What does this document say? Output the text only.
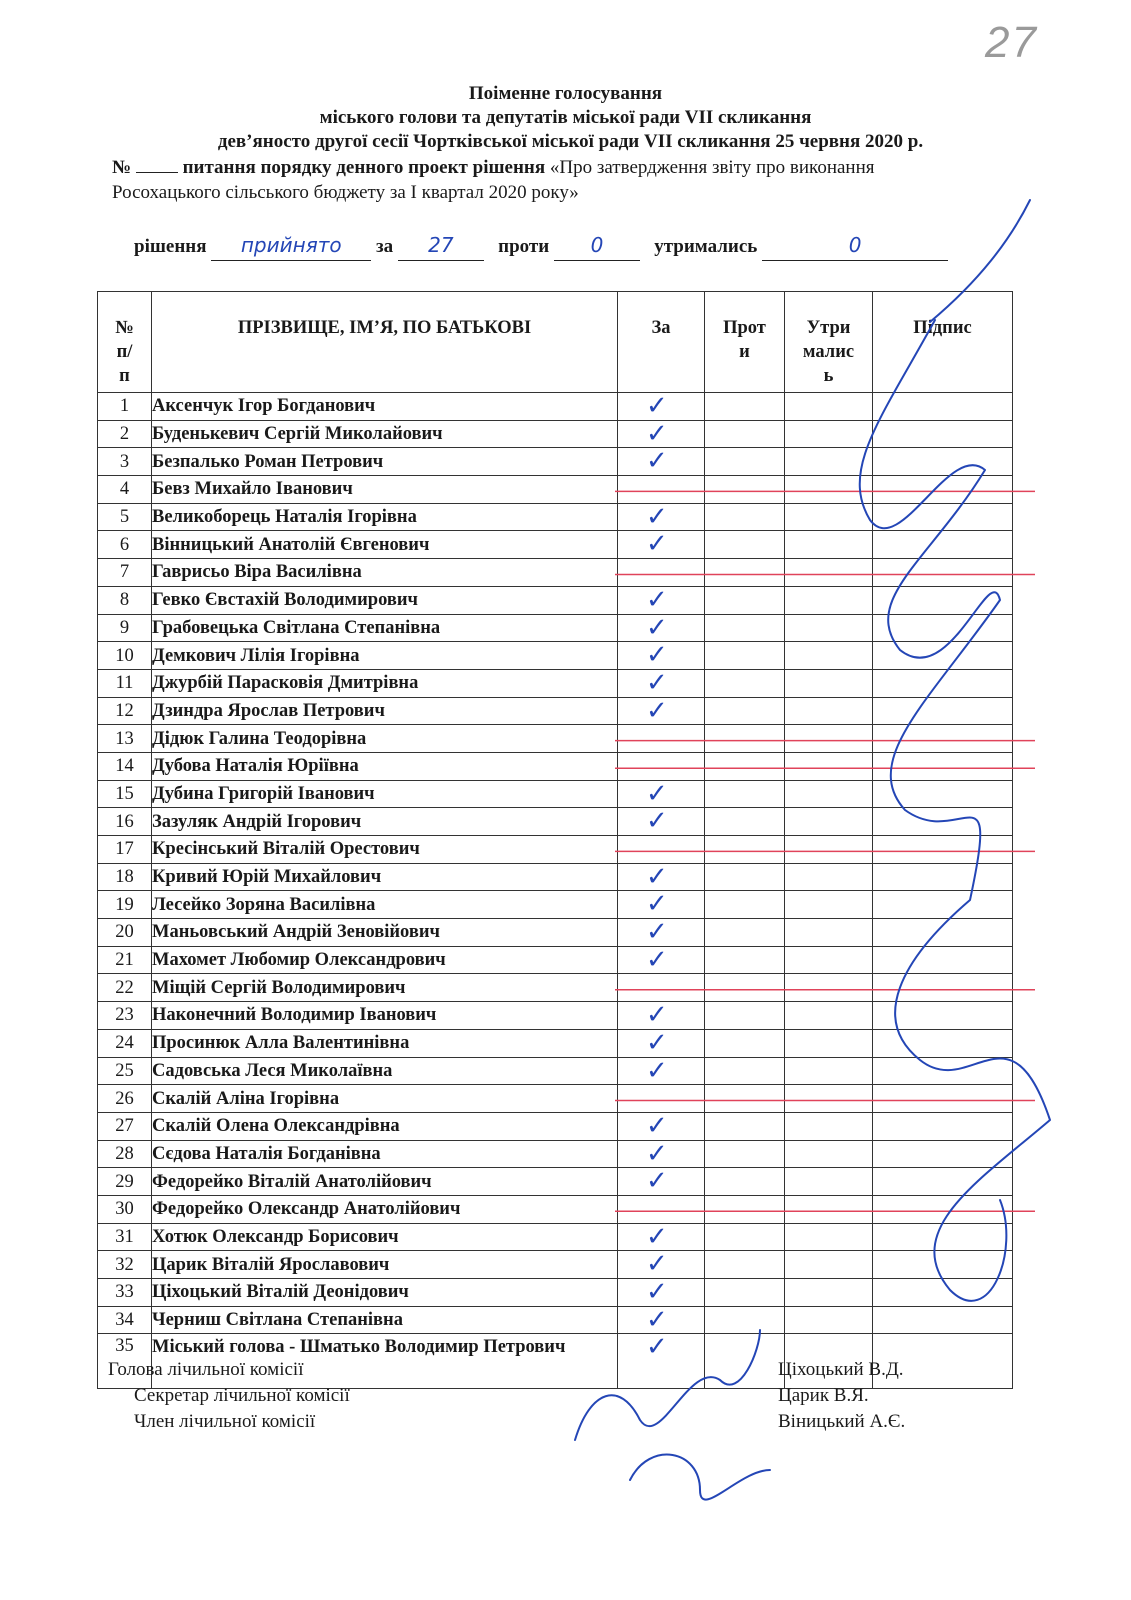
27
Поіменне голосування
міського голови та депутатів міської ради VII скликання
дев’яносто другої сесії Чортківської міської ради VII скликання 25 червня 2020 р.
№	питання порядку денного проект рішення «Про затвердження звіту про виконання
Росохацького сільського бюджету за І квартал 2020 року»
рішення прийнято за 27 проти 0	утримались	0
№ п/п	ПРІЗВИЩЕ, ІМ’Я, ПО БАТЬКОВІ	За	Прот и	Утри малис ь	Підпис
1	Аксенчук Ігор Богданович	✓			

2	Буденькевич Сергій Миколайович	✓			

3	Безпалько Роман Петрович	✓			

4	Бевз Михайло Іванович	

5	Великоборець Наталія Ігорівна	✓			

6	Вінницький Анатолій Євгенович	✓			

7	Гаврисьо Віра Василівна	

8	Гевко Євстахій Володимирович	✓			

9	Грабовецька Світлана Степанівна	✓			

10	Демкович Лілія Ігорівна	✓			

11	Джурбій Парасковія Дмитрівна	✓			

12	Дзиндра Ярослав Петрович	✓			

13	Дідюк Галина Теодорівна	

14	Дубова Наталія Юріївна	

15	Дубина Григорій Іванович	✓			

16	Зазуляк Андрій Ігорович	✓			

17	Кресінський Віталій Орестович	

18	Кривий Юрій Михайлович	✓			

19	Лесейко Зоряна Василівна	✓			

20	Маньовський Андрій Зеновійович	✓			

21	Махомет Любомир Олександрович	✓			

22	Міщій Сергій Володимирович	

23	Наконечний Володимир Іванович	✓			

24	Просинюк Алла Валентинівна	✓			

25	Садовська Леся Миколаївна	✓			

26	Скалій Аліна Ігорівна	

27	Скалій Олена Олександрівна	✓			

28	Сєдова Наталія Богданівна	✓			

29	Федорейко Віталій Анатолійович	✓			

30	Федорейко Олександр Анатолійович	

31	Хотюк Олександр Борисович	✓			

32	Царик Віталій Ярославович	✓			

33	Ціхоцький Віталій Деонідович	✓			

34	Черниш Світлана Степанівна	✓			

35	Міський голова - Шматько Володимир Петрович	✓			

Голова лічильної комісії
Секретар лічильної комісії
Член лічильної комісії
Ціхоцький В.Д.
Царик В.Я.
Віницький А.Є.
